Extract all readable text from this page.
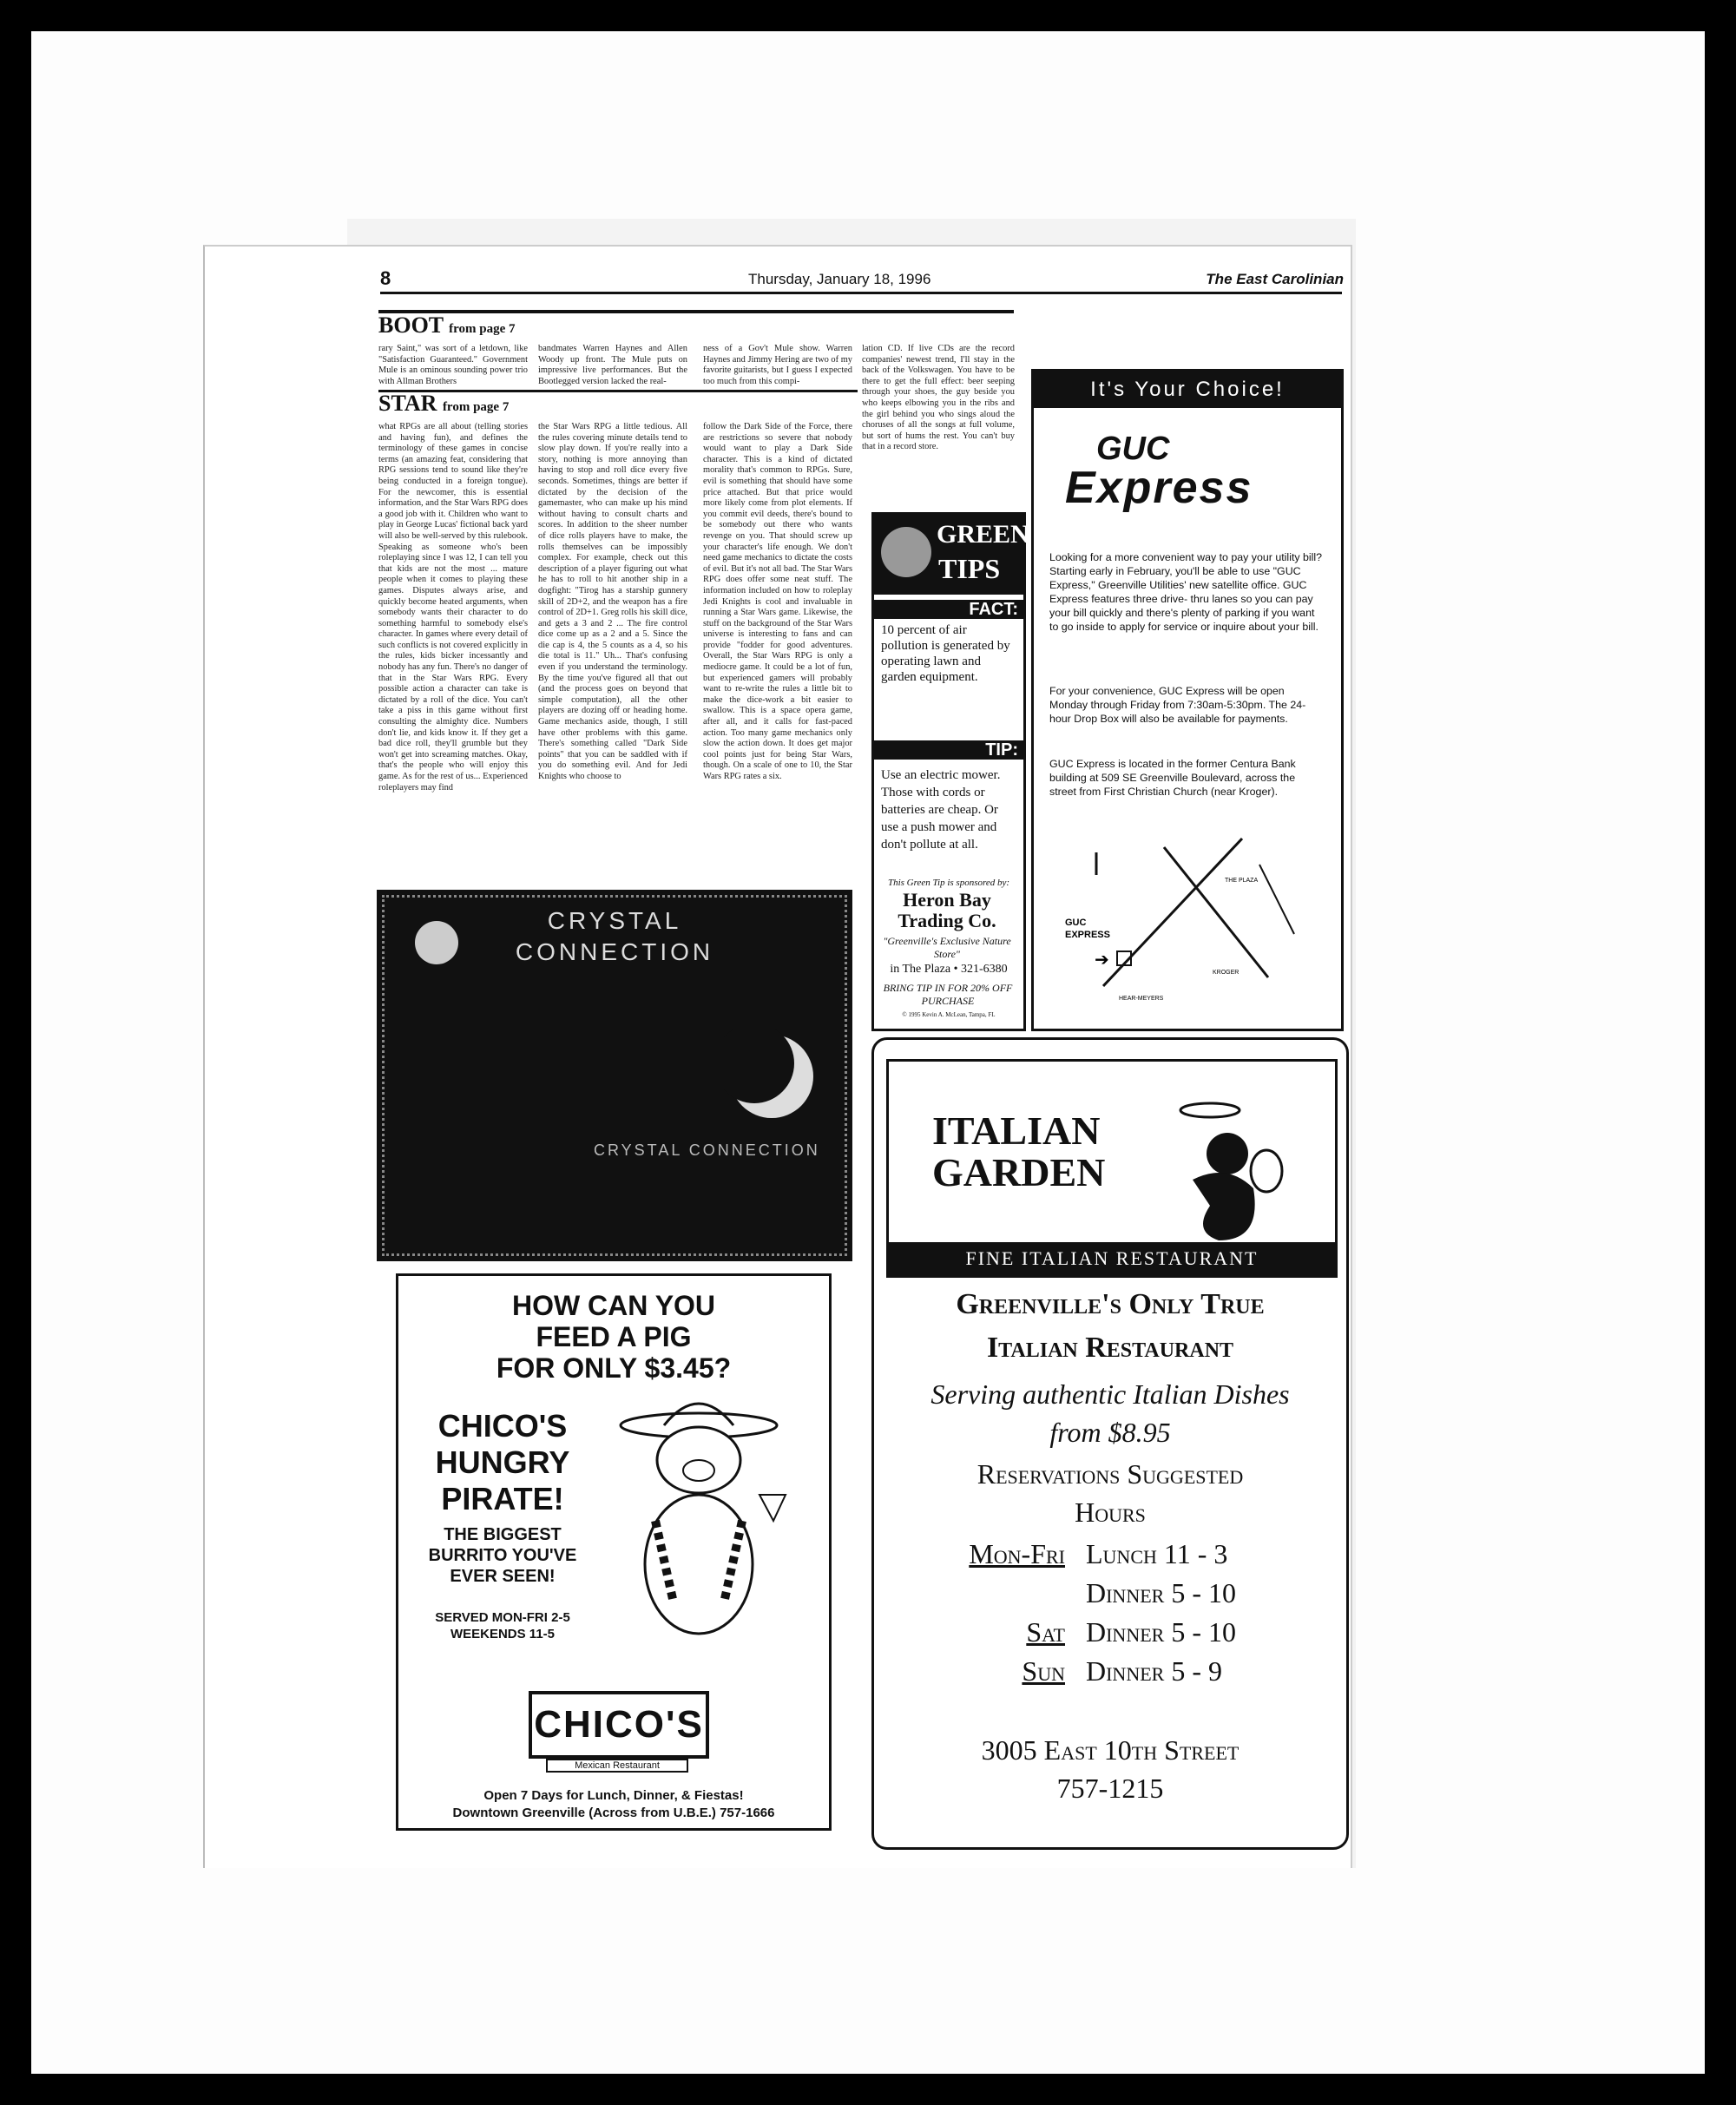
8	Thursday, January 18, 1996	The East Carolinian
BOOT from page 7
rary Saint," was sort of a letdown, like "Satisfaction Guaranteed." Government Mule is an ominous sounding power trio with Allman Brothers
bandmates Warren Haynes and Allen Woody up front. The Mule puts on impressive live performances. But the Bootlegged version lacked the real-
ness of a Gov't Mule show. Warren Haynes and Jimmy Hering are two of my favorite guitarists, but I guess I expected too much from this compi-
lation CD. If live CDs are the record companies' newest trend, I'll stay in the back of the Volkswagen. You have to be there to get the full effect: beer seeping through your shoes, the guy beside you who keeps elbowing you in the ribs and the girl behind you who sings aloud the choruses of all the songs at full volume, but sort of hums the rest. You can't buy that in a record store.
STAR from page 7
what RPGs are all about (telling stories and having fun), and defines the terminology of these games in concise terms (an amazing feat, considering that RPG sessions tend to sound like they're being conducted in a foreign tongue). For the newcomer, this is essential information, and the Star Wars RPG does a good job with it. Children who want to play in George Lucas' fictional back yard will also be well-served by this rulebook. Speaking as someone who's been roleplaying since I was 12, I can tell you that kids are not the most ... mature people when it comes to playing these games. Disputes always arise, and quickly become heated arguments, when somebody wants their character to do something harmful to somebody else's character. In games where every detail of such conflicts is not covered explicitly in the rules, kids bicker incessantly and nobody has any fun. There's no danger of that in the Star Wars RPG. Every possible action a character can take is dictated by a roll of the dice. You can't take a piss in this game without first consulting the almighty dice. Numbers don't lie, and kids know it. If they get a bad dice roll, they'll grumble but they won't get into screaming matches. Okay, that's the people who will enjoy this game. As for the rest of us... Experienced roleplayers may find
the Star Wars RPG a little tedious. All the rules covering minute details tend to slow play down. If you're really into a story, nothing is more annoying than having to stop and roll dice every five seconds. Sometimes, things are better if dictated by the decision of the gamemaster, who can make up his mind without having to consult charts and scores. In addition to the sheer number of dice rolls players have to make, the rolls themselves can be impossibly complex. For example, check out this description of a player figuring out what he has to roll to hit another ship in a dogfight: "Tirog has a starship gunnery skill of 2D+2, and the weapon has a fire control of 2D+1. Greg rolls his skill dice, and gets a 3 and 2 ... The fire control dice come up as a 2 and a 5. Since the die cap is 4, the 5 counts as a 4, so his die total is 11." Uh... That's confusing even if you understand the terminology. By the time you've figured all that out (and the process goes on beyond that simple computation), all the other players are dozing off or heading home. Game mechanics aside, though, I still have other problems with this game. There's something called "Dark Side points" that you can be saddled with if you do something evil. And for Jedi Knights who choose to
follow the Dark Side of the Force, there are restrictions so severe that nobody would want to play a Dark Side character. This is a kind of dictated morality that's common to RPGs. Sure, evil is something that should have some price attached. But that price would more likely come from plot elements. If you commit evil deeds, there's bound to be somebody out there who wants revenge on you. That should screw up your character's life enough. We don't need game mechanics to dictate the costs of evil. But it's not all bad. The Star Wars RPG does offer some neat stuff. The information included on how to roleplay Jedi Knights is cool and invaluable in running a Star Wars game. Likewise, the stuff on the background of the Star Wars universe is interesting to fans and can provide "fodder for good adventures. Overall, the Star Wars RPG is only a mediocre game. It could be a lot of fun, but experienced gamers will probably want to re-write the rules a little bit to make the dice-work a bit easier to swallow. This is a space opera game, after all, and it calls for fast-paced action. Too many game mechanics only slow the action down. It does get major cool points just for being Star Wars, though. On a scale of one to 10, the Star Wars RPG rates a six.
CRYSTAL
CONNECTION
CRYSTAL CONNECTION
GREEN
TIPS
FACT:
10 percent of air pollution is generated by operating lawn and garden equipment.
TIP:
Use an electric mower. Those with cords or batteries are cheap. Or use a push mower and don't pollute at all.
This Green Tip is sponsored by:
Heron Bay Trading Co.
"Greenville's Exclusive Nature Store"
in The Plaza • 321-6380
BRING TIP IN FOR 20% OFF PURCHASE
© 1995 Kevin A. McLean, Tampa, FL
It's Your Choice!
GUC
Express
Looking for a more convenient way to pay your utility bill? Starting early in February, you'll be able to use "GUC Express," Greenville Utilities' new satellite office. GUC Express features three drive- thru lanes so you can pay your bill quickly and there's plenty of parking if you want to go inside to apply for service or inquire about your bill.
For your convenience, GUC Express will be open Monday through Friday from 7:30am-5:30pm. The 24-hour Drop Box will also be available for payments.
GUC Express is located in the former Centura Bank building at 509 SE Greenville Boulevard, across the street from First Christian Church (near Kroger).
GUC
EXPRESS
➔
THE PLAZA
KROGER
HEAR-MEYERS
HOW CAN YOU
FEED A PIG
FOR ONLY $3.45?
CHICO'S
HUNGRY
PIRATE!
THE BIGGEST
BURRITO YOU'VE
EVER SEEN!
SERVED MON-FRI 2-5
WEEKENDS 11-5
CHICO'S
Mexican Restaurant
Open 7 Days for Lunch, Dinner, & Fiestas!
Downtown Greenville (Across from U.B.E.) 757-1666
ITALIAN
GARDEN
FINE ITALIAN RESTAURANT
Greenville's Only True
Italian Restaurant
Serving authentic Italian Dishes
from $8.95
Reservations Suggested
Hours
Mon-Fri Lunch 11 - 3
Dinner 5 - 10
Sat Dinner 5 - 10
Sun Dinner 5 - 9
3005 East 10th Street
757-1215
